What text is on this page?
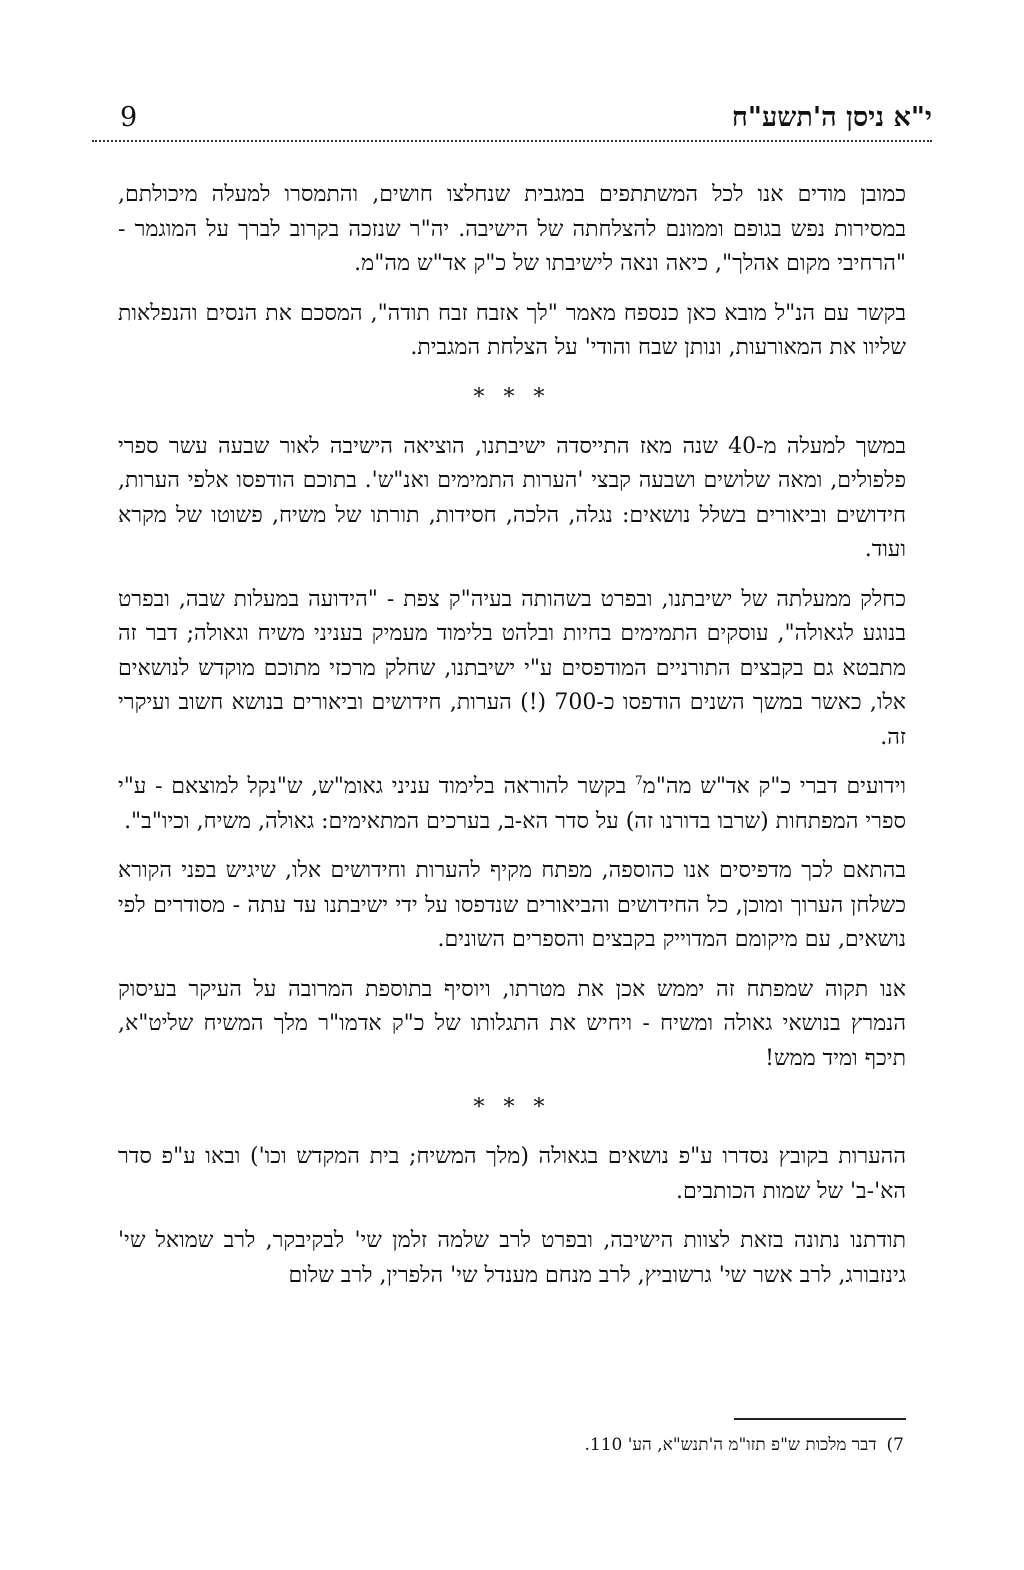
9	י"א ניסן ה'תשע"ח

כמובן מודים אנו לכל המשתתפים במגבית שנחלצו חושים, והתמסרו למעלה מיכולתם, במסירות נפש בגופם וממונם להצלחתה של הישיבה. יה"ר שנזכה בקרוב לברך על המוגמר - "הרחיבי מקום אהלך", כיאה ונאה לישיבתו של כ"ק אד"ש מה"מ.

בקשר עם הנ"ל מובא כאן כנספח מאמר "לך אזבח זבח תודה", המסכם את הנסים והנפלאות שליוו את המאורעות, ונותן שבח והודי' על הצלחת המגבית.

* * *

במשך למעלה מ-40 שנה מאז התייסדה ישיבתנו, הוציאה הישיבה לאור שבעה עשר ספרי פלפולים, ומאה שלושים ושבעה קבצי 'הערות התמימים ואנ"ש'. בתוכם הודפסו אלפי הערות, חידושים וביאורים בשלל נושאים: נגלה, הלכה, חסידות, תורתו של משיח, פשוטו של מקרא ועוד.

כחלק ממעלתה של ישיבתנו, ובפרט בשהותה בעיה"ק צפת - "הידועה במעלות שבה, ובפרט בנוגע לגאולה", עוסקים התמימים בחיות ובלהט בלימוד מעמיק בעניני משיח וגאולה; דבר זה מתבטא גם בקבצים התורניים המודפסים ע"י ישיבתנו, שחלק מרכזי מתוכם מוקדש לנושאים אלו, כאשר במשך השנים הודפסו כ-700 (!) הערות, חידושים וביאורים בנושא חשוב ועיקרי זה.

וידועים דברי כ"ק אד"ש מה"מ$^7$ בקשר להוראה בלימוד עניני גאומ"ש, ש"נקל למוצאם - ע"י ספרי המפתחות (שרבו בדורנו זה) על סדר הא-ב, בערכים המתאימים: גאולה, משיח, וכיו"ב".

בהתאם לכך מדפיסים אנו כהוספה, מפתח מקיף להערות וחידושים אלו, שיגיש בפני הקורא כשלחן הערוך ומוכן, כל החידושים והביאורים שנדפסו על ידי ישיבתנו עד עתה - מסודרים לפי נושאים, עם מיקומם המדוייק בקבצים והספרים השונים.

אנו תקוה שמפתח זה יממש אכן את מטרתו, ויוסיף בתוספת המרובה על העיקר בעיסוק הנמרץ בנושאי גאולה ומשיח - ויחיש את התגלותו של כ"ק אדמו"ר מלך המשיח שליט"א, תיכף ומיד ממש!

* * *

ההערות בקובץ נסדרו ע"פ נושאים בגאולה (מלך המשיח; בית המקדש וכו') ובאו ע"פ סדר הא'-ב' של שמות הכותבים.

תודתנו נתונה בזאת לצוות הישיבה, ובפרט לרב שלמה זלמן שי' לבקיבקר, לרב שמואל שי' גינזבורג, לרב אשר שי' גרשוביץ, לרב מנחם מענדל שי' הלפרין, לרב שלום

7)דבר מלכות ש"פ תזו"מ ה'תנש"א, הע' 110.
